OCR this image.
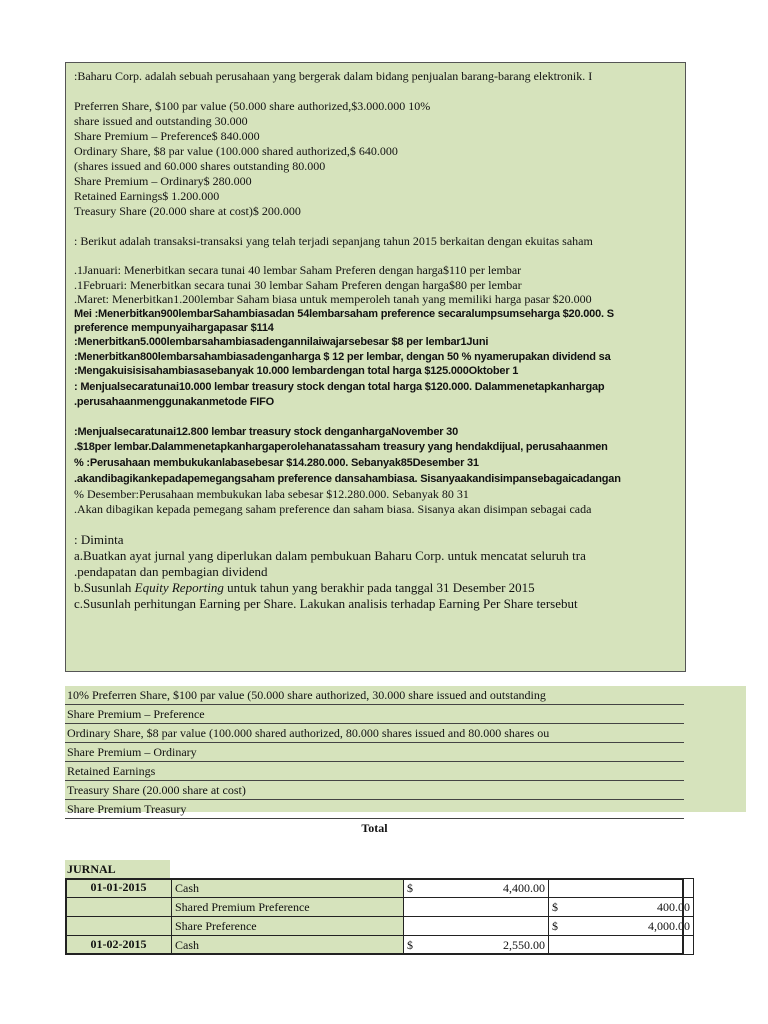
:Baharu Corp. adalah sebuah perusahaan yang bergerak dalam bidang penjualan barang-barang elektronik. I
Preferren Share, $100 par value (50.000 share authorized,$3.000.000 10%
share issued and outstanding 30.000
Share Premium – Preference$ 840.000
Ordinary Share, $8 par value (100.000 shared authorized,$ 640.000
(shares issued and 60.000 shares outstanding 80.000
Share Premium – Ordinary$ 280.000
Retained Earnings$ 1.200.000
Treasury Share (20.000 share at cost)$ 200.000
: Berikut adalah transaksi-transaksi yang telah terjadi sepanjang tahun 2015 berkaitan dengan ekuitas saham
.1Januari: Menerbitkan secara tunai 40 lembar Saham Preferen dengan harga$110 per lembar
.1Februari: Menerbitkan secara tunai 30 lembar Saham Preferen dengan harga$80 per lembar
.Maret: Menerbitkan1.200lembar Saham biasa untuk memperoleh tanah yang memiliki harga pasar $20.000
Mei :Menerbitkan900lembarSahambiasadan 54lembarsaham preference secaralumpsumseharga $20.000. S
preference mempunyaihargapasar $114
:Menerbitkan5.000lembarsahambiasadengannilaiwajarsebesar $8 per lembar1Juni
:Menerbitkan800lembarsahambiasadenganharga $ 12 per lembar, dengan 50 % nyamerupakan dividend sa
:Mengakuisisisahambiasasebanyak 10.000 lembardengan total harga $125.000Oktober 1
: Menjualsecaratunai10.000 lembar treasury stock dengan total harga $120.000. Dalammenetapkanhargap
.perusahaanmenggunakanmetode FIFO
:Menjualsecaratunai12.800 lembar treasury stock denganhargaNovember 30
.$18per lembar.Dalammenetapkanhargaperolehanatassaham treasury yang hendakdijual, perusahaanmen
% :Perusahaan membukukanlabasebesar $14.280.000. Sebanyak85Desember 31
.akandibagikankepadapemegangsaham preference dansahambiasa. Sisanyaakandisimpansebagaicadangan
% Desember:Perusahaan membukukan laba sebesar $12.280.000. Sebanyak 80 31
.Akan dibagikan kepada pemegang saham preference dan saham biasa. Sisanya akan disimpan sebagai cada
: Diminta
a.Buatkan ayat jurnal yang diperlukan dalam pembukuan Baharu Corp. untuk mencatat seluruh tra
.pendapatan dan pembagian dividend
b.Susunlah Equity Reporting untuk tahun yang berakhir pada tanggal 31 Desember 2015
c.Susunlah perhitungan Earning per Share. Lakukan analisis terhadap Earning Per Share tersebut
10% Preferren Share, $100 par value (50.000 share authorized, 30.000 share issued and outstanding
Share Premium – Preference
Ordinary Share, $8 par value (100.000 shared authorized, 80.000 shares issued and 80.000 shares ou
Share Premium – Ordinary
Retained Earnings
Treasury Share (20.000 share at cost)
Share Premium Treasury
Total
JURNAL
01-01-2015	Cash	$ 4,400.00	

	Shared Premium Preference		$ 400.00

	Share Preference		$ 4,000.00

01-02-2015	Cash	$ 2,550.00	
